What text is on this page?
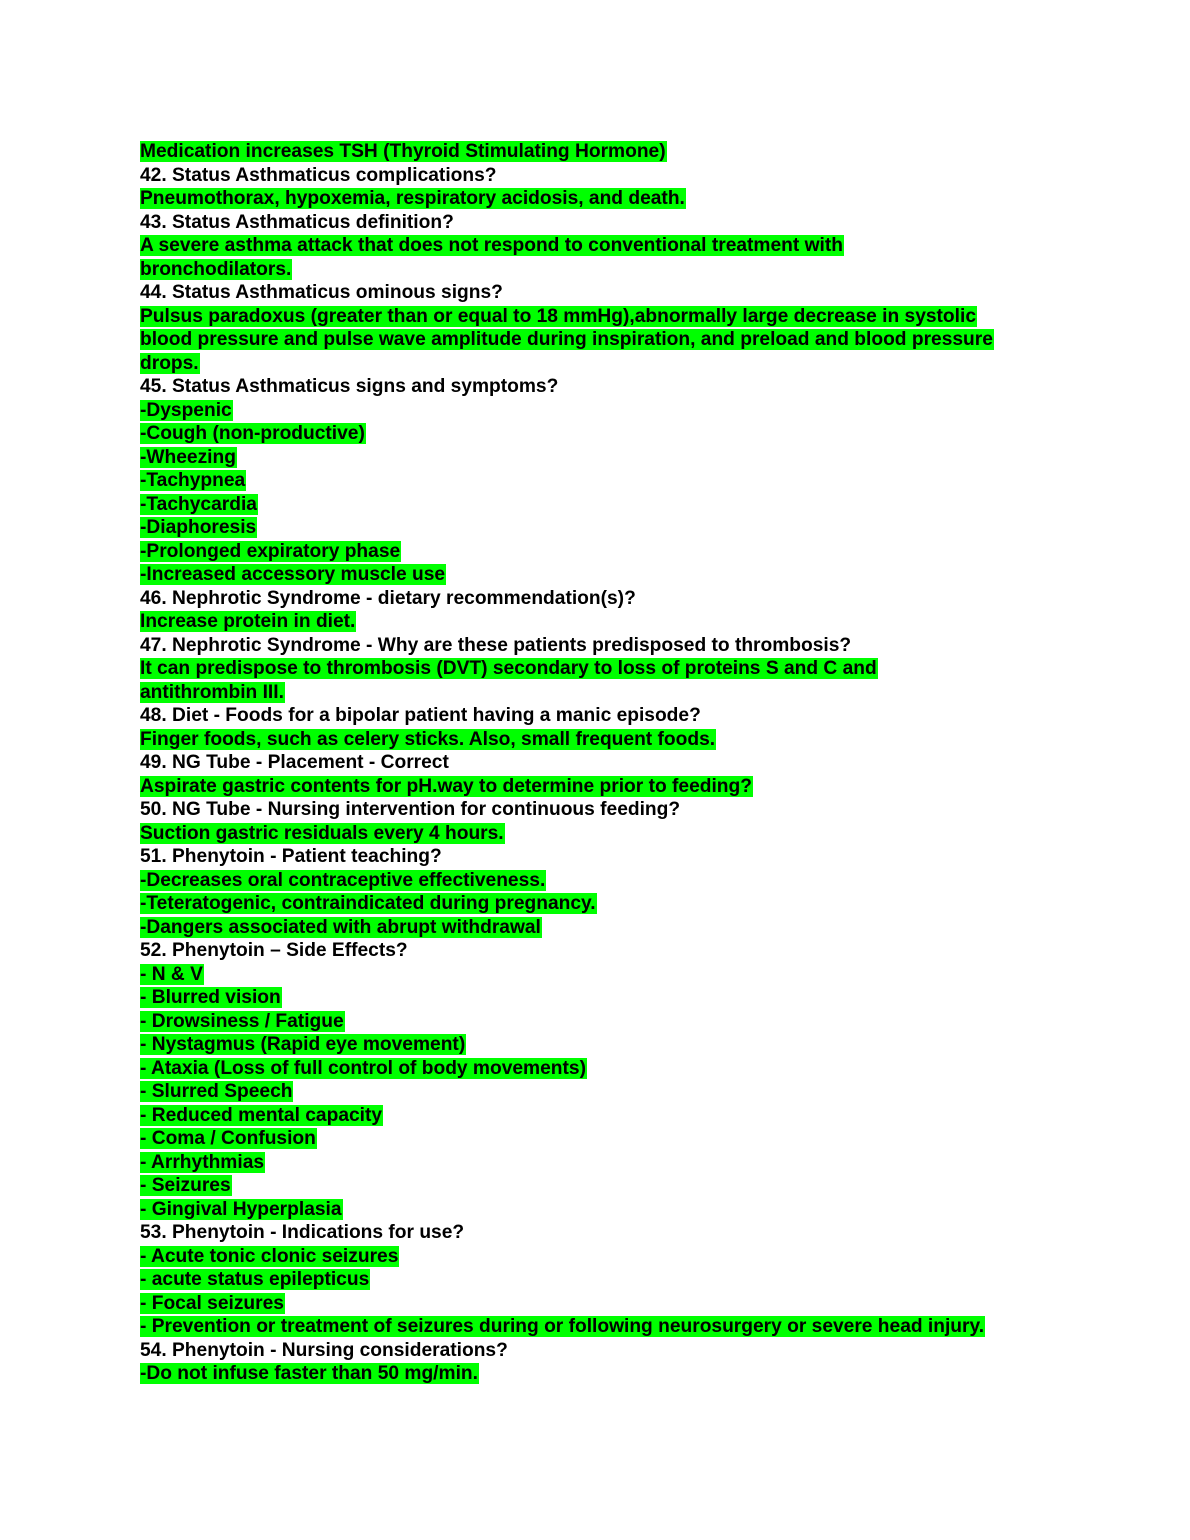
Medication increases TSH (Thyroid Stimulating Hormone)
42. Status Asthmaticus complications?
Pneumothorax, hypoxemia, respiratory acidosis, and death.
43. Status Asthmaticus definition?
A severe asthma attack that does not respond to conventional treatment with
bronchodilators.
44. Status Asthmaticus ominous signs?
Pulsus paradoxus (greater than or equal to 18 mmHg),abnormally large decrease in systolic
blood pressure and pulse wave amplitude during inspiration, and preload and blood pressure
drops.
45. Status Asthmaticus signs and symptoms?
-Dyspenic
-Cough (non-productive)
-Wheezing
-Tachypnea
-Tachycardia
-Diaphoresis
-Prolonged expiratory phase
-Increased accessory muscle use
46. Nephrotic Syndrome - dietary recommendation(s)?
Increase protein in diet.
47. Nephrotic Syndrome - Why are these patients predisposed to thrombosis?
It can predispose to thrombosis (DVT) secondary to loss of proteins S and C and
antithrombin III.
48. Diet - Foods for a bipolar patient having a manic episode?
Finger foods, such as celery sticks. Also, small frequent foods.
49. NG Tube - Placement - Correct
Aspirate gastric contents for pH.way to determine prior to feeding?
50. NG Tube - Nursing intervention for continuous feeding?
Suction gastric residuals every 4 hours.
51. Phenytoin - Patient teaching?
-Decreases oral contraceptive effectiveness.
-Teteratogenic, contraindicated during pregnancy.
-Dangers associated with abrupt withdrawal
52. Phenytoin – Side Effects?
- N & V
- Blurred vision
- Drowsiness / Fatigue
- Nystagmus (Rapid eye movement)
- Ataxia (Loss of full control of body movements)
- Slurred Speech
- Reduced mental capacity
- Coma / Confusion
- Arrhythmias
- Seizures
- Gingival Hyperplasia
53. Phenytoin - Indications for use?
- Acute tonic clonic seizures
- acute status epilepticus
- Focal seizures
- Prevention or treatment of seizures during or following neurosurgery or severe head injury.
54. Phenytoin - Nursing considerations?
-Do not infuse faster than 50 mg/min.
